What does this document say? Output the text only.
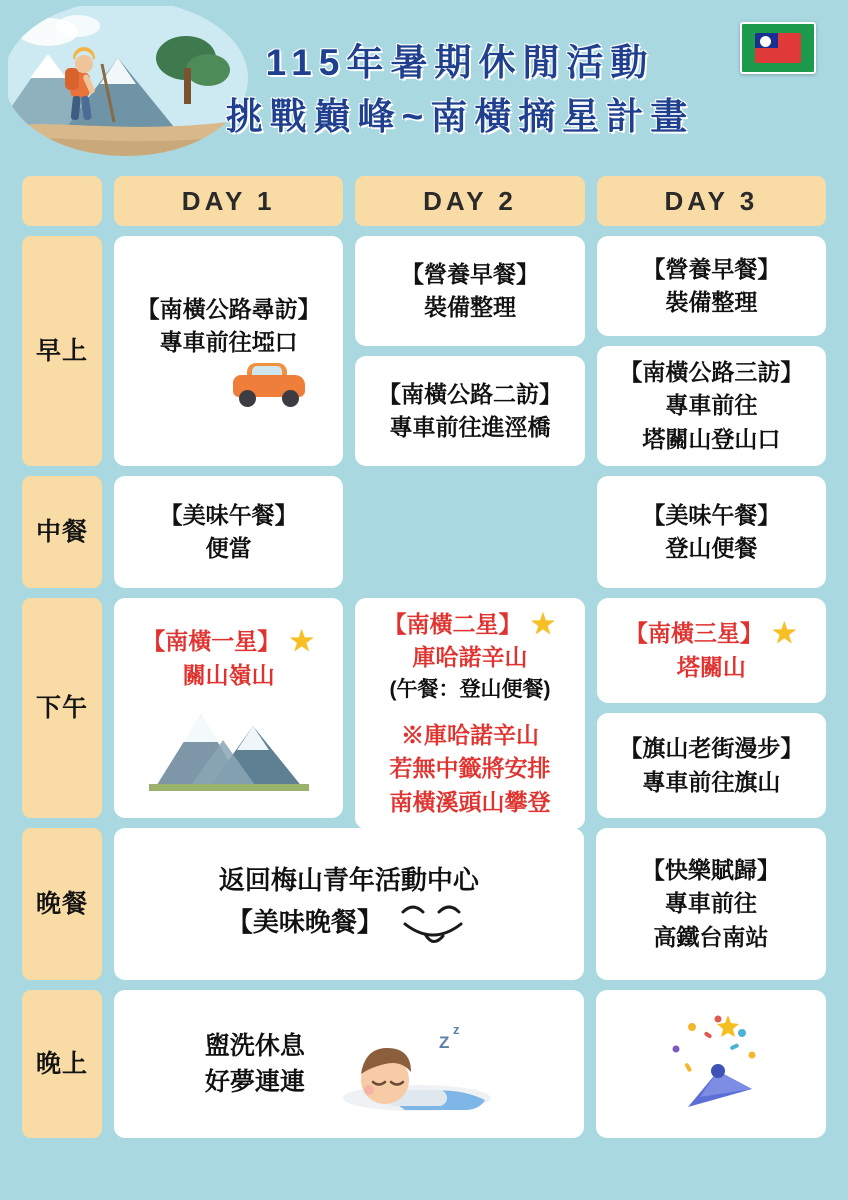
115年暑期休閒活動
挑戰巔峰~南橫摘星計畫
DAY 1	DAY 2	DAY 3
早上
【南橫公路尋訪】
專車前往埡口
【營養早餐】
裝備整理
【南橫公路二訪】
專車前往進涇橋
【營養早餐】
裝備整理
【南橫公路三訪】
專車前往
塔關山登山口
中餐
【美味午餐】
便當
【美味午餐】
登山便餐
下午
【南橫一星】 ★
關山嶺山
【南橫二星】 ★
庫哈諾辛山
(午餐：登山便餐)
※庫哈諾辛山
若無中籤將安排
南橫溪頭山攀登
【南橫三星】 ★
塔關山
【旗山老街漫步】
專車前往旗山
晚餐
返回梅山青年活動中心
【美味晚餐】
【快樂賦歸】
專車前往
高鐵台南站
晚上
盥洗休息
好夢連連
Z
z
